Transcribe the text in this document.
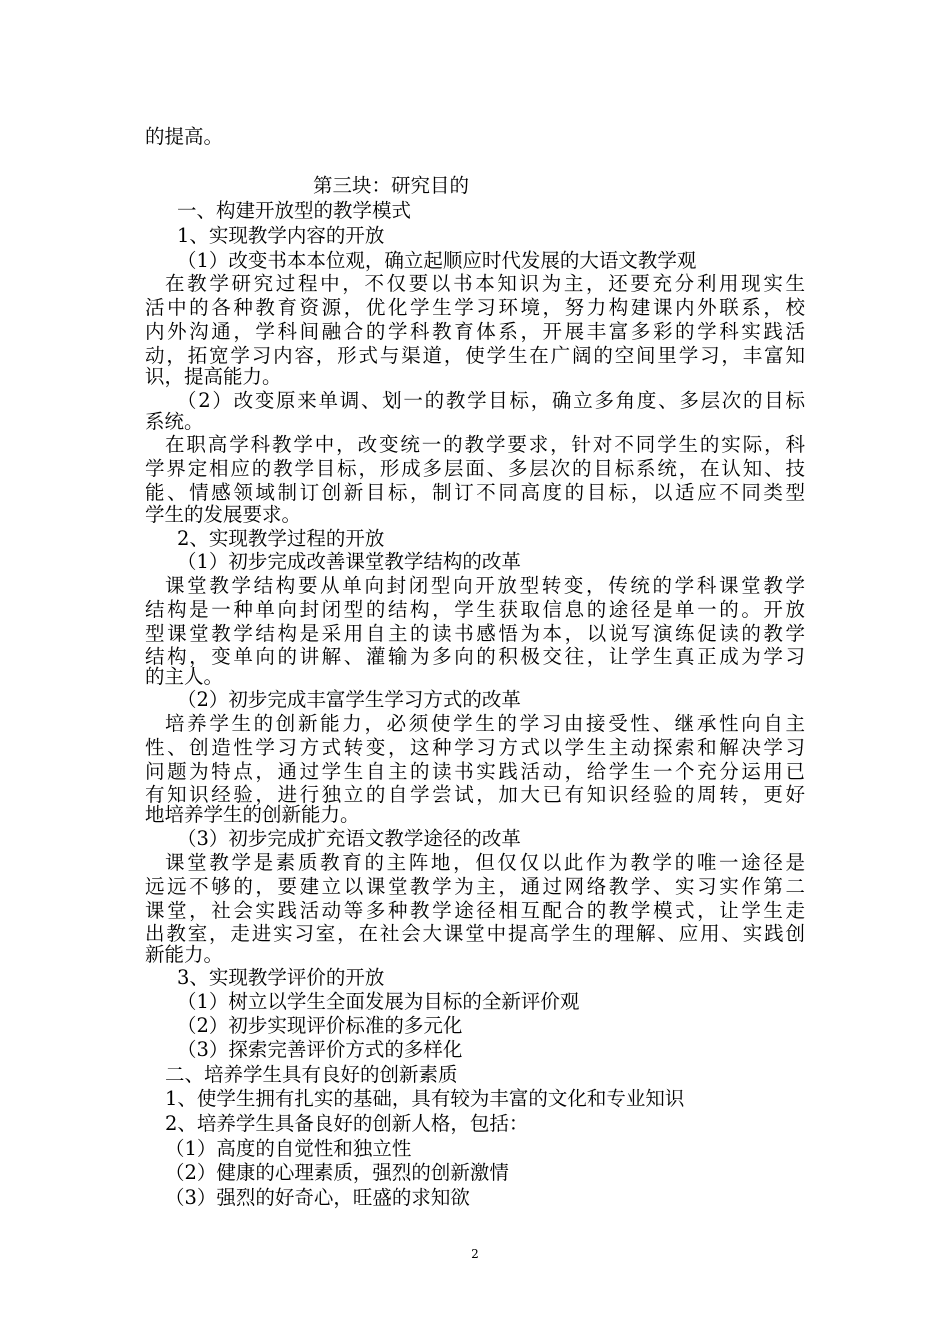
的提高。
第三块：研究目的
一、构建开放型的教学模式
1、实现教学内容的开放
（1）改变书本本位观，确立起顺应时代发展的大语文教学观
在教学研究过程中，不仅要以书本知识为主，还要充分利用现实生
活中的各种教育资源，优化学生学习环境，努力构建课内外联系，校
内外沟通，学科间融合的学科教育体系，开展丰富多彩的学科实践活
动，拓宽学习内容，形式与渠道，使学生在广阔的空间里学习，丰富知
识，提高能力。
（2）改变原来单调、划一的教学目标，确立多角度、多层次的目标
系统。
在职高学科教学中，改变统一的教学要求，针对不同学生的实际，科
学界定相应的教学目标，形成多层面、多层次的目标系统，在认知、技
能、情感领域制订创新目标，制订不同高度的目标，以适应不同类型
学生的发展要求。
2、实现教学过程的开放
（1）初步完成改善课堂教学结构的改革
课堂教学结构要从单向封闭型向开放型转变，传统的学科课堂教学
结构是一种单向封闭型的结构，学生获取信息的途径是单一的。开放
型课堂教学结构是采用自主的读书感悟为本，以说写演练促读的教学
结构，变单向的讲解、灌输为多向的积极交往，让学生真正成为学习
的主人。
（2）初步完成丰富学生学习方式的改革
培养学生的创新能力，必须使学生的学习由接受性、继承性向自主
性、创造性学习方式转变，这种学习方式以学生主动探索和解决学习
问题为特点，通过学生自主的读书实践活动，给学生一个充分运用已
有知识经验，进行独立的自学尝试，加大已有知识经验的周转，更好
地培养学生的创新能力。
（3）初步完成扩充语文教学途径的改革
课堂教学是素质教育的主阵地，但仅仅以此作为教学的唯一途径是
远远不够的，要建立以课堂教学为主，通过网络教学、实习实作第二
课堂，社会实践活动等多种教学途径相互配合的教学模式，让学生走
出教室，走进实习室，在社会大课堂中提高学生的理解、应用、实践创
新能力。
3、实现教学评价的开放
（1）树立以学生全面发展为目标的全新评价观
（2）初步实现评价标准的多元化
（3）探索完善评价方式的多样化
二、培养学生具有良好的创新素质
1、使学生拥有扎实的基础，具有较为丰富的文化和专业知识
2、培养学生具备良好的创新人格，包括：
（1）高度的自觉性和独立性
（2）健康的心理素质，强烈的创新激情
（3）强烈的好奇心，旺盛的求知欲
2
